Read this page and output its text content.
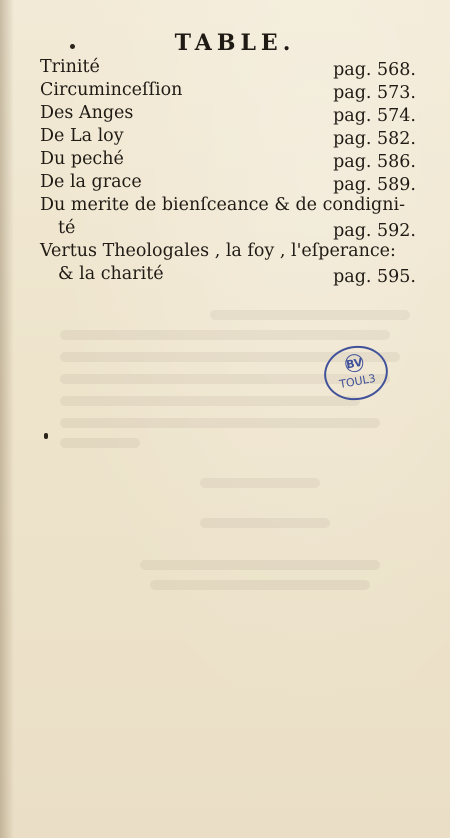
TABLE.
Trinité	pag. 568.
Circuminceſſion	pag. 573.
Des Anges	pag. 574.
De La loy	pag. 582.
Du peché	pag. 586.
De la grace	pag. 589.
Du merite de bienſceance & de condigni-
té	pag. 592.
Vertus Theologales , la foy , l'eſperance:
& la charité	pag. 595.
BV
TOUL3
